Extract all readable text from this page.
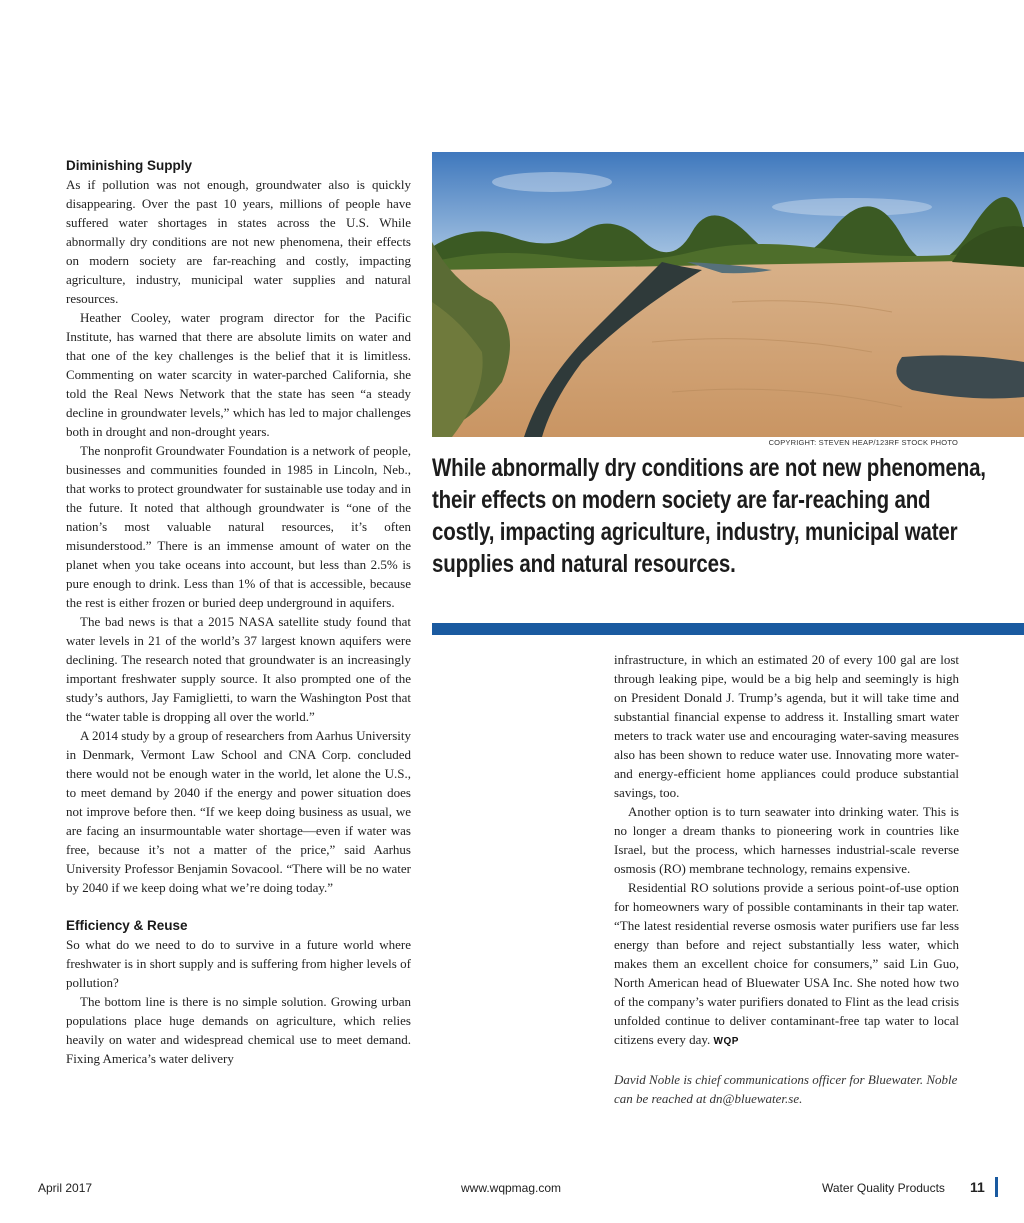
Diminishing Supply

As if pollution was not enough, groundwater also is quickly disappearing. Over the past 10 years, millions of people have suffered water shortages in states across the U.S. While abnormally dry conditions are not new phenomena, their effects on modern society are far-reaching and costly, impacting agriculture, industry, municipal water supplies and natural resources.

Heather Cooley, water program director for the Pacific Institute, has warned that there are absolute limits on water and that one of the key challenges is the belief that it is limitless. Commenting on water scarcity in water-parched California, she told the Real News Network that the state has seen “a steady decline in groundwater levels,” which has led to major challenges both in drought and non-drought years.

The nonprofit Groundwater Foundation is a network of people, businesses and communities founded in 1985 in Lincoln, Neb., that works to protect groundwater for sustainable use today and in the future. It noted that although groundwater is “one of the nation’s most valuable natural resources, it’s often misunderstood.” There is an immense amount of water on the planet when you take oceans into account, but less than 2.5% is pure enough to drink. Less than 1% of that is accessible, because the rest is either frozen or buried deep underground in aquifers.

The bad news is that a 2015 NASA satellite study found that water levels in 21 of the world’s 37 largest known aquifers were declining. The research noted that groundwater is an increasingly important freshwater supply source. It also prompted one of the study’s authors, Jay Famiglietti, to warn the Washington Post that the “water table is dropping all over the world.”

A 2014 study by a group of researchers from Aarhus University in Denmark, Vermont Law School and CNA Corp. concluded there would not be enough water in the world, let alone the U.S., to meet demand by 2040 if the energy and power situation does not improve before then. “If we keep doing business as usual, we are facing an insurmountable water shortage—even if water was free, because it’s not a matter of the price,” said Aarhus University Professor Benjamin Sovacool. “There will be no water by 2040 if we keep doing what we’re doing today.”

Efficiency & Reuse

So what do we need to do to survive in a future world where freshwater is in short supply and is suffering from higher levels of pollution?

The bottom line is there is no simple solution. Growing urban populations place huge demands on agriculture, which relies heavily on water and widespread chemical use to meet demand. Fixing America’s water delivery

COPYRIGHT: STEVEN HEAP/123RF STOCK PHOTO
While abnormally dry conditions are not new phenomena, their effects on modern society are far-reaching and costly, impacting agriculture, industry, municipal water supplies and natural resources.

infrastructure, in which an estimated 20 of every 100 gal are lost through leaking pipe, would be a big help and seemingly is high on President Donald J. Trump’s agenda, but it will take time and substantial financial expense to address it. Installing smart water meters to track water use and encouraging water-saving measures also has been shown to reduce water use. Innovating more water- and energy-efficient home appliances could produce substantial savings, too.

Another option is to turn seawater into drinking water. This is no longer a dream thanks to pioneering work in countries like Israel, but the process, which harnesses industrial-scale reverse osmosis (RO) membrane technology, remains expensive.

Residential RO solutions provide a serious point-of-use option for homeowners wary of possible contaminants in their tap water. “The latest residential reverse osmosis water purifiers use far less energy than before and reject substantially less water, which makes them an excellent choice for consumers,” said Lin Guo, North American head of Bluewater USA Inc. She noted how two of the company’s water purifiers donated to Flint as the lead crisis unfolded continue to deliver contaminant-free tap water to local citizens every day. WQP

David Noble is chief communications officer for Bluewater. Noble can be reached at dn@bluewater.se.

April 2017	www.wqpmag.com	Water Quality Products 11
